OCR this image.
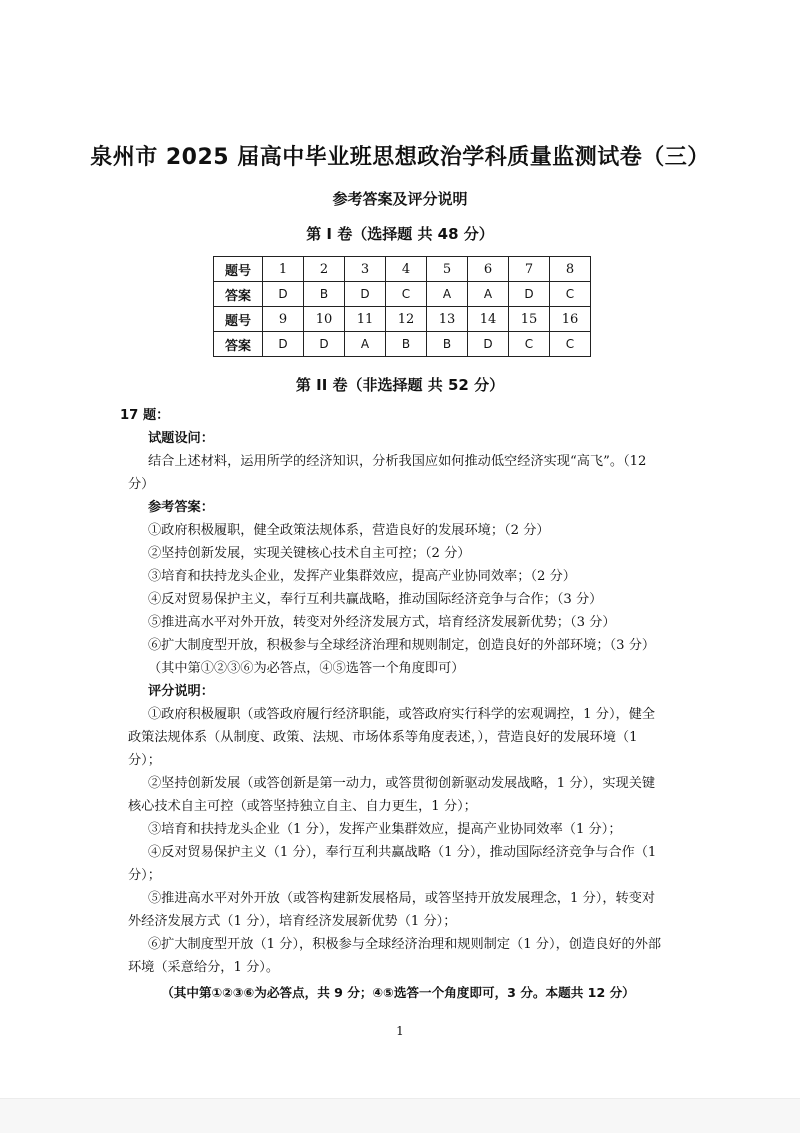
泉州市 2025 届高中毕业班思想政治学科质量监测试卷（三）
参考答案及评分说明
第 I 卷（选择题 共 48 分）
题号	1	2	3	4	5	6	7	8
答案	D	B	D	C	A	A	D	C
题号	9	10	11	12	13	14	15	16
答案	D	D	A	B	B	D	C	C
第 II 卷（非选择题 共 52 分）

17 题：

试题设问：

结合上述材料，运用所学的经济知识，分析我国应如何推动低空经济实现“高飞”。（12 分）

参考答案：

①政府积极履职，健全政策法规体系，营造良好的发展环境；（2 分）

②坚持创新发展，实现关键核心技术自主可控；（2 分）

③培育和扶持龙头企业，发挥产业集群效应，提高产业协同效率；（2 分）

④反对贸易保护主义，奉行互利共赢战略，推动国际经济竞争与合作；（3 分）

⑤推进高水平对外开放，转变对外经济发展方式，培育经济发展新优势；（3 分）

⑥扩大制度型开放，积极参与全球经济治理和规则制定，创造良好的外部环境；（3 分）

（其中第①②③⑥为必答点，④⑤选答一个角度即可）

评分说明：

①政府积极履职（或答政府履行经济职能，或答政府实行科学的宏观调控，1 分），健全政策法规体系（从制度、政策、法规、市场体系等角度表述，），营造良好的发展环境（1 分）；

②坚持创新发展（或答创新是第一动力，或答贯彻创新驱动发展战略，1 分），实现关键核心技术自主可控（或答坚持独立自主、自力更生，1 分）；

③培育和扶持龙头企业（1 分），发挥产业集群效应，提高产业协同效率（1 分）；

④反对贸易保护主义（1 分），奉行互利共赢战略（1 分），推动国际经济竞争与合作（1 分）；

⑤推进高水平对外开放（或答构建新发展格局，或答坚持开放发展理念，1 分），转变对外经济发展方式（1 分），培育经济发展新优势（1 分）；

⑥扩大制度型开放（1 分），积极参与全球经济治理和规则制定（1 分），创造良好的外部环境（采意给分，1 分）。

（其中第①②③⑥为必答点，共 9 分；④⑤选答一个角度即可，3 分。本题共 12 分）

1
